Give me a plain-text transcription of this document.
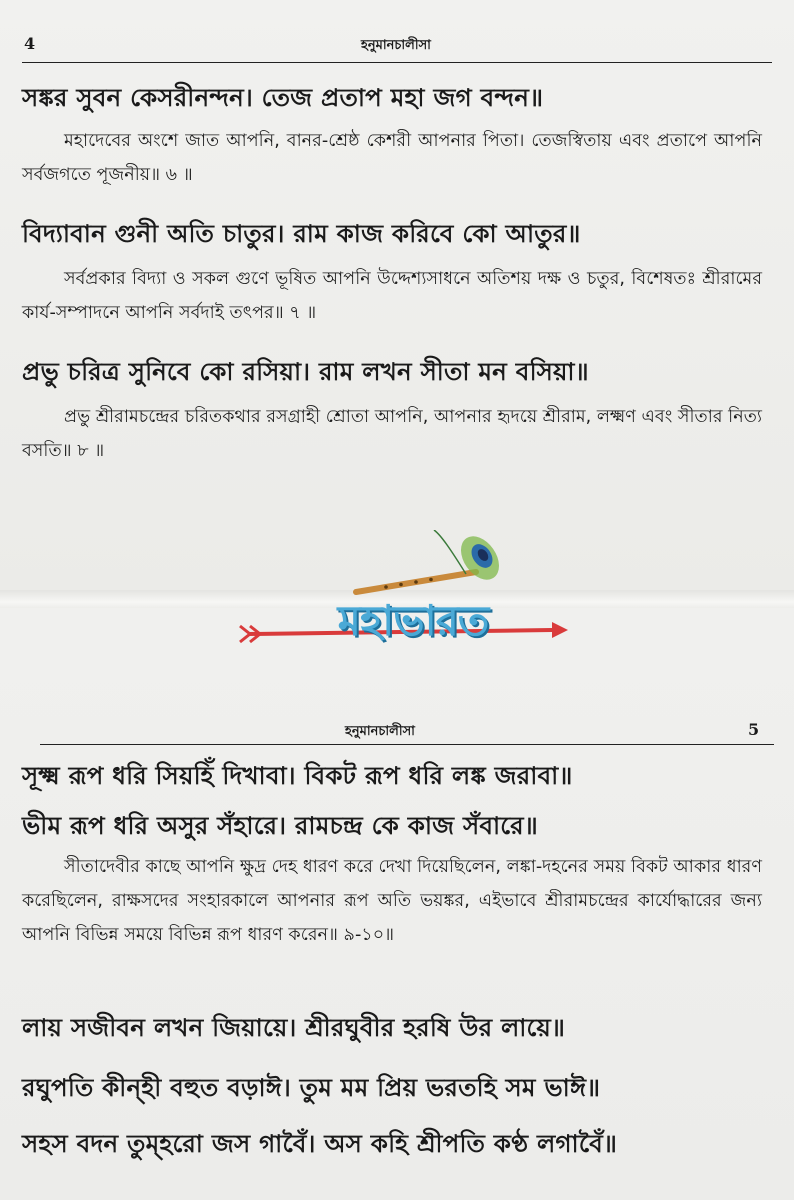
4	হনুমানচালীসা
সঙ্কর সুবন কেসরীনন্দন। তেজ প্রতাপ মহা জগ বন্দন॥
মহাদেবের অংশে জাত আপনি, বানর-শ্রেষ্ঠ কেশরী আপনার পিতা। তেজস্বিতায় এবং প্রতাপে আপনি সর্বজগতে পূজনীয়॥ ৬ ॥
বিদ্যাবান গুনী অতি চাতুর। রাম কাজ করিবে কো আতুর॥
সর্বপ্রকার বিদ্যা ও সকল গুণে ভূষিত আপনি উদ্দেশ্যসাধনে অতিশয় দক্ষ ও চতুর, বিশেষতঃ শ্রীরামের কার্য-সম্পাদনে আপনি সর্বদাই তৎপর॥ ৭ ॥
প্রভু চরিত্র সুনিবে কো রসিয়া। রাম লখন সীতা মন বসিয়া॥
প্রভু শ্রীরামচন্দ্রের চরিতকথার রসগ্রাহী শ্রোতা আপনি, আপনার হৃদয়ে শ্রীরাম, লক্ষ্মণ এবং সীতার নিত্য বসতি॥ ৮ ॥
হনুমানচালীসা	5
সূক্ষ্ম রূপ ধরি সিয়হিঁ দিখাবা। বিকট রূপ ধরি লঙ্ক জরাবা॥
ভীম রূপ ধরি অসুর সঁহারে। রামচন্দ্র কে কাজ সঁবারে॥
সীতাদেবীর কাছে আপনি ক্ষুদ্র দেহ ধারণ করে দেখা দিয়েছিলেন, লঙ্কা-দহনের সময় বিকট আকার ধারণ করেছিলেন, রাক্ষসদের সংহারকালে আপনার রূপ অতি ভয়ঙ্কর, এইভাবে শ্রীরামচন্দ্রের কার্যোদ্ধারের জন্য আপনি বিভিন্ন সময়ে বিভিন্ন রূপ ধারণ করেন॥ ৯-১০॥
লায় সজীবন লখন জিয়ায়ে। শ্রীরঘুবীর হরষি উর লায়ে॥
রঘুপতি কীন্‌হী বহুত বড়াঈ। তুম মম প্রিয় ভরতহি সম ভাঈ॥
সহস বদন তুম্‌হরো জস গাবৈঁ। অস কহি শ্রীপতি কণ্ঠ লগাবৈঁ॥
মহাভারত
